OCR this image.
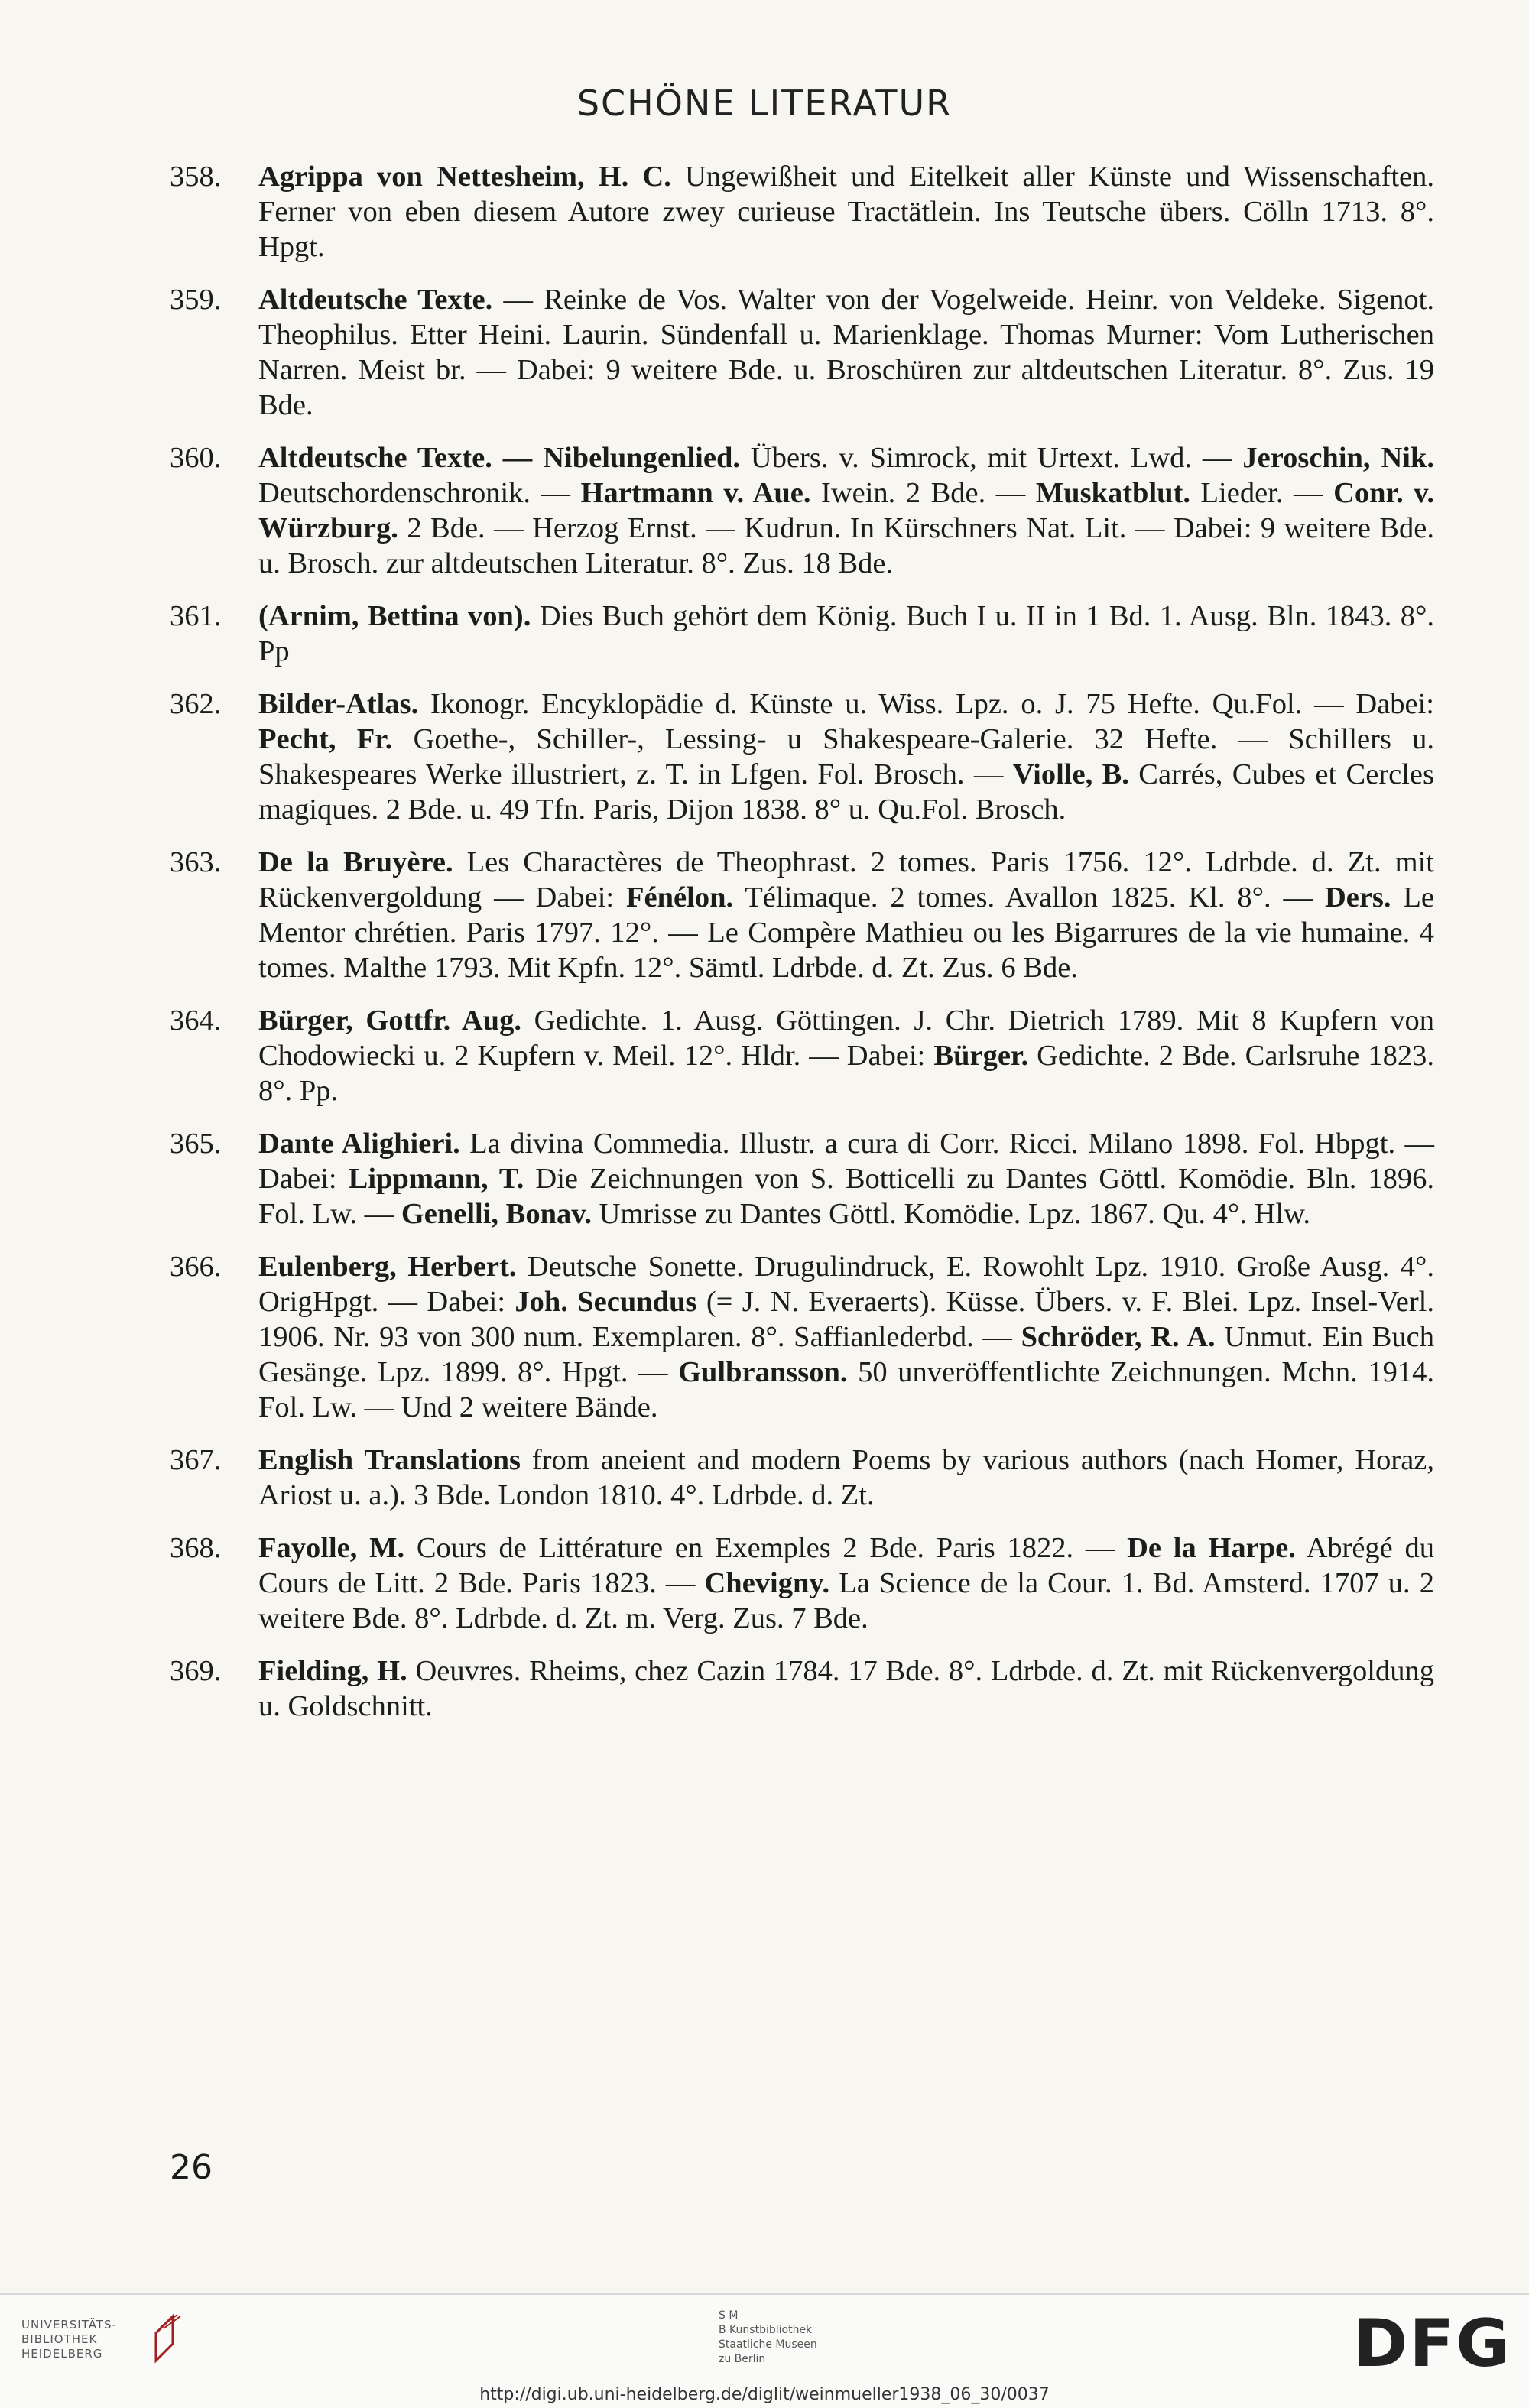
SCHÖNE LITERATUR
358. Agrippa von Nettesheim, H. C. Ungewißheit und Eitelkeit aller Künste und Wissenschaften. Ferner von eben diesem Autore zwey curieuse Tractätlein. Ins Teutsche übers. Cölln 1713. 8°. Hpgt.
359. Altdeutsche Texte. — Reinke de Vos. Walter von der Vogelweide. Heinr. von Veldeke. Sigenot. Theophilus. Etter Heini. Laurin. Sündenfall u. Marienklage. Thomas Murner: Vom Lutherischen Narren. Meist br. — Dabei: 9 weitere Bde. u. Broschüren zur altdeutschen Literatur. 8°. Zus. 19 Bde.
360. Altdeutsche Texte. — Nibelungenlied. Übers. v. Simrock, mit Urtext. Lwd. — Jeroschin, Nik. Deutschordenschronik. — Hartmann v. Aue. Iwein. 2 Bde. — Muskatblut. Lieder. — Conr. v. Würzburg. 2 Bde. — Herzog Ernst. — Kudrun. In Kürschners Nat. Lit. — Dabei: 9 weitere Bde. u. Brosch. zur altdeutschen Literatur. 8°. Zus. 18 Bde.
361. (Arnim, Bettina von). Dies Buch gehört dem König. Buch I u. II in 1 Bd. 1. Ausg. Bln. 1843. 8°. Pp
362. Bilder-Atlas. Ikonogr. Encyklopädie d. Künste u. Wiss. Lpz. o. J. 75 Hefte. Qu.Fol. — Dabei: Pecht, Fr. Goethe-, Schiller-, Lessing- u Shakespeare-Galerie. 32 Hefte. — Schillers u. Shakespeares Werke illustriert, z. T. in Lfgen. Fol. Brosch. — Violle, B. Carrés, Cubes et Cercles magiques. 2 Bde. u. 49 Tfn. Paris, Dijon 1838. 8° u. Qu.Fol. Brosch.
363. De la Bruyère. Les Charactères de Theophrast. 2 tomes. Paris 1756. 12°. Ldrbde. d. Zt. mit Rückenvergoldung — Dabei: Fénélon. Télimaque. 2 tomes. Avallon 1825. Kl. 8°. — Ders. Le Mentor chrétien. Paris 1797. 12°. — Le Compère Mathieu ou les Bigarrures de la vie humaine. 4 tomes. Malthe 1793. Mit Kpfn. 12°. Sämtl. Ldrbde. d. Zt. Zus. 6 Bde.
364. Bürger, Gottfr. Aug. Gedichte. 1. Ausg. Göttingen. J. Chr. Dietrich 1789. Mit 8 Kupfern von Chodowiecki u. 2 Kupfern v. Meil. 12°. Hldr. — Dabei: Bürger. Gedichte. 2 Bde. Carlsruhe 1823. 8°. Pp.
365. Dante Alighieri. La divina Commedia. Illustr. a cura di Corr. Ricci. Milano 1898. Fol. Hbpgt. — Dabei: Lippmann, T. Die Zeichnungen von S. Botticelli zu Dantes Göttl. Komödie. Bln. 1896. Fol. Lw. — Genelli, Bonav. Umrisse zu Dantes Göttl. Komödie. Lpz. 1867. Qu. 4°. Hlw.
366. Eulenberg, Herbert. Deutsche Sonette. Drugulindruck, E. Rowohlt Lpz. 1910. Große Ausg. 4°. OrigHpgt. — Dabei: Joh. Secundus (= J. N. Everaerts). Küsse. Übers. v. F. Blei. Lpz. Insel-Verl. 1906. Nr. 93 von 300 num. Exemplaren. 8°. Saffianlederbd. — Schröder, R. A. Unmut. Ein Buch Gesänge. Lpz. 1899. 8°. Hpgt. — Gulbransson. 50 unveröffentlichte Zeichnungen. Mchn. 1914. Fol. Lw. — Und 2 weitere Bände.
367. English Translations from aneient and modern Poems by various authors (nach Homer, Horaz, Ariost u. a.). 3 Bde. London 1810. 4°. Ldrbde. d. Zt.
368. Fayolle, M. Cours de Littérature en Exemples 2 Bde. Paris 1822. — De la Harpe. Abrégé du Cours de Litt. 2 Bde. Paris 1823. — Chevigny. La Science de la Cour. 1. Bd. Amsterd. 1707 u. 2 weitere Bde. 8°. Ldrbde. d. Zt. m. Verg. Zus. 7 Bde.
369. Fielding, H. Oeuvres. Rheims, chez Cazin 1784. 17 Bde. 8°. Ldrbde. d. Zt. mit Rückenvergoldung u. Goldschnitt.
26
UNIVERSITÄTS-
BIBLIOTHEK
HEIDELBERG
S M
B Kunstbibliothek
Staatliche Museen
zu Berlin	DFG
http://digi.ub.uni-heidelberg.de/diglit/weinmueller1938_06_30/0037
